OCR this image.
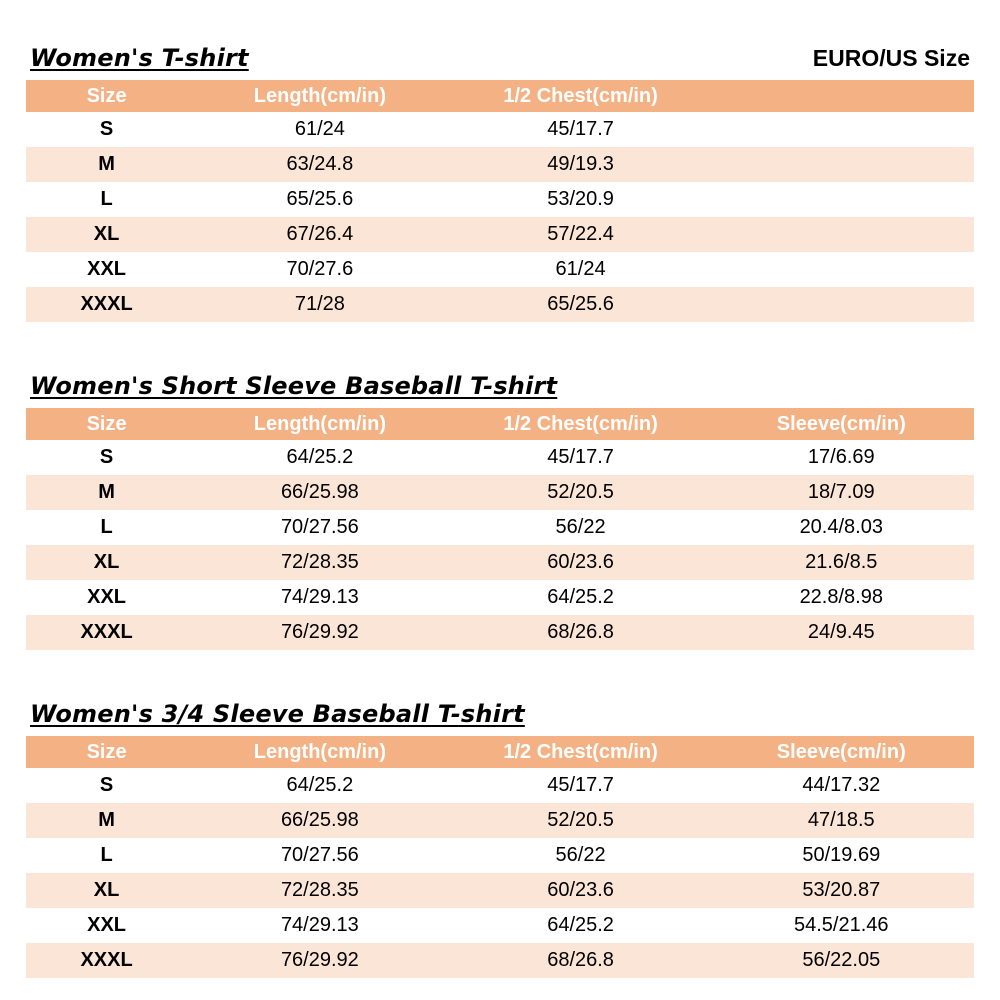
Women's T-shirt	EURO/US Size
Size	Length(cm/in)	1/2 Chest(cm/in)	
S	61/24	45/17.7	
M	63/24.8	49/19.3	
L	65/25.6	53/20.9	
XL	67/26.4	57/22.4	
XXL	70/27.6	61/24	
XXXL	71/28	65/25.6	
Women's Short Sleeve Baseball T-shirt
Size	Length(cm/in)	1/2 Chest(cm/in)	Sleeve(cm/in)
S	64/25.2	45/17.7	17/6.69
M	66/25.98	52/20.5	18/7.09
L	70/27.56	56/22	20.4/8.03
XL	72/28.35	60/23.6	21.6/8.5
XXL	74/29.13	64/25.2	22.8/8.98
XXXL	76/29.92	68/26.8	24/9.45
Women's 3/4 Sleeve Baseball T-shirt
Size	Length(cm/in)	1/2 Chest(cm/in)	Sleeve(cm/in)
S	64/25.2	45/17.7	44/17.32
M	66/25.98	52/20.5	47/18.5
L	70/27.56	56/22	50/19.69
XL	72/28.35	60/23.6	53/20.87
XXL	74/29.13	64/25.2	54.5/21.46
XXXL	76/29.92	68/26.8	56/22.05
